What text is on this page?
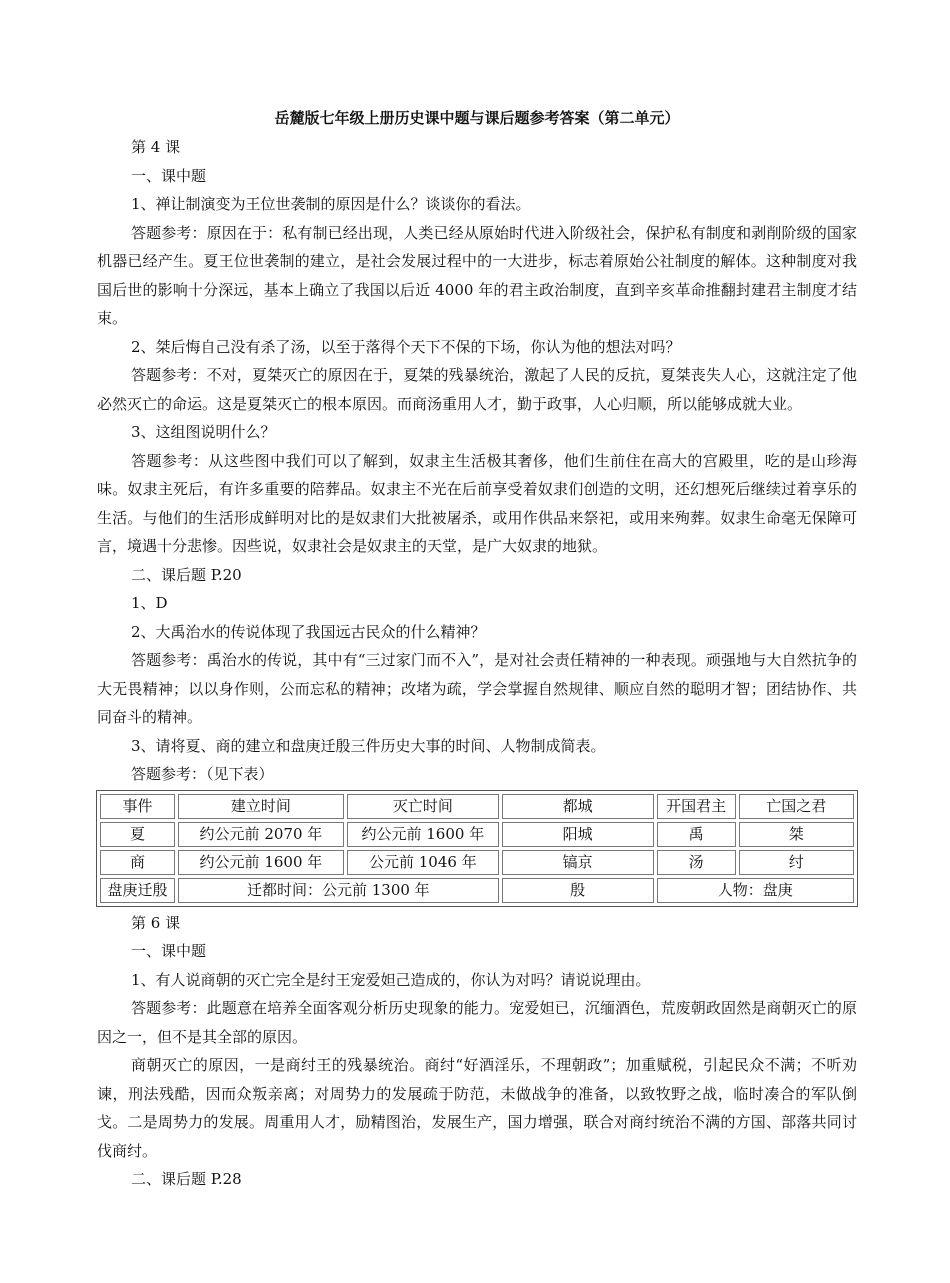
岳麓版七年级上册历史课中题与课后题参考答案（第二单元）

第 4 课

一、课中题

1、禅让制演变为王位世袭制的原因是什么？谈谈你的看法。

答题参考：原因在于：私有制已经出现，人类已经从原始时代进入阶级社会，保护私有制度和剥削阶级的国家机器已经产生。夏王位世袭制的建立，是社会发展过程中的一大进步，标志着原始公社制度的解体。这种制度对我国后世的影响十分深远，基本上确立了我国以后近 4000 年的君主政治制度，直到辛亥革命推翻封建君主制度才结束。

2、桀后悔自己没有杀了汤，以至于落得个天下不保的下场，你认为他的想法对吗？

答题参考：不对，夏桀灭亡的原因在于，夏桀的残暴统治，激起了人民的反抗，夏桀丧失人心，这就注定了他必然灭亡的命运。这是夏桀灭亡的根本原因。而商汤重用人才，勤于政事，人心归顺，所以能够成就大业。

3、这组图说明什么？

答题参考：从这些图中我们可以了解到，奴隶主生活极其奢侈，他们生前住在高大的宫殿里，吃的是山珍海味。奴隶主死后，有许多重要的陪葬品。奴隶主不光在后前享受着奴隶们创造的文明，还幻想死后继续过着享乐的生活。与他们的生活形成鲜明对比的是奴隶们大批被屠杀，或用作供品来祭祀，或用来殉葬。奴隶生命毫无保障可言，境遇十分悲惨。因些说，奴隶社会是奴隶主的天堂，是广大奴隶的地狱。

二、课后题 P.20

1、D

2、大禹治水的传说体现了我国远古民众的什么精神？

答题参考：禹治水的传说，其中有“三过家门而不入”，是对社会责任精神的一种表现。顽强地与大自然抗争的大无畏精神；以以身作则，公而忘私的精神；改堵为疏，学会掌握自然规律、顺应自然的聪明才智；团结协作、共同奋斗的精神。

3、请将夏、商的建立和盘庚迁殷三件历史大事的时间、人物制成简表。

答题参考：（见下表）

事件	建立时间	灭亡时间	都城	开国君主	亡国之君
夏	约公元前 2070 年	约公元前 1600 年	阳城	禹	桀
商	约公元前 1600 年	公元前 1046 年	镐京	汤	纣
盘庚迁殷	迁都时间：公元前 1300 年		殷	人物：盘庚	

第 6 课

一、课中题

1、有人说商朝的灭亡完全是纣王宠爱妲己造成的，你认为对吗？请说说理由。

答题参考：此题意在培养全面客观分析历史现象的能力。宠爱妲已，沉缅酒色，荒废朝政固然是商朝灭亡的原因之一，但不是其全部的原因。

商朝灭亡的原因，一是商纣王的残暴统治。商纣“好酒淫乐，不理朝政”；加重赋税，引起民众不满；不听劝谏，刑法残酷，因而众叛亲离；对周势力的发展疏于防范，未做战争的准备，以致牧野之战，临时凑合的军队倒戈。二是周势力的发展。周重用人才，励精图治，发展生产，国力增强，联合对商纣统治不满的方国、部落共同讨伐商纣。

二、课后题 P.28
